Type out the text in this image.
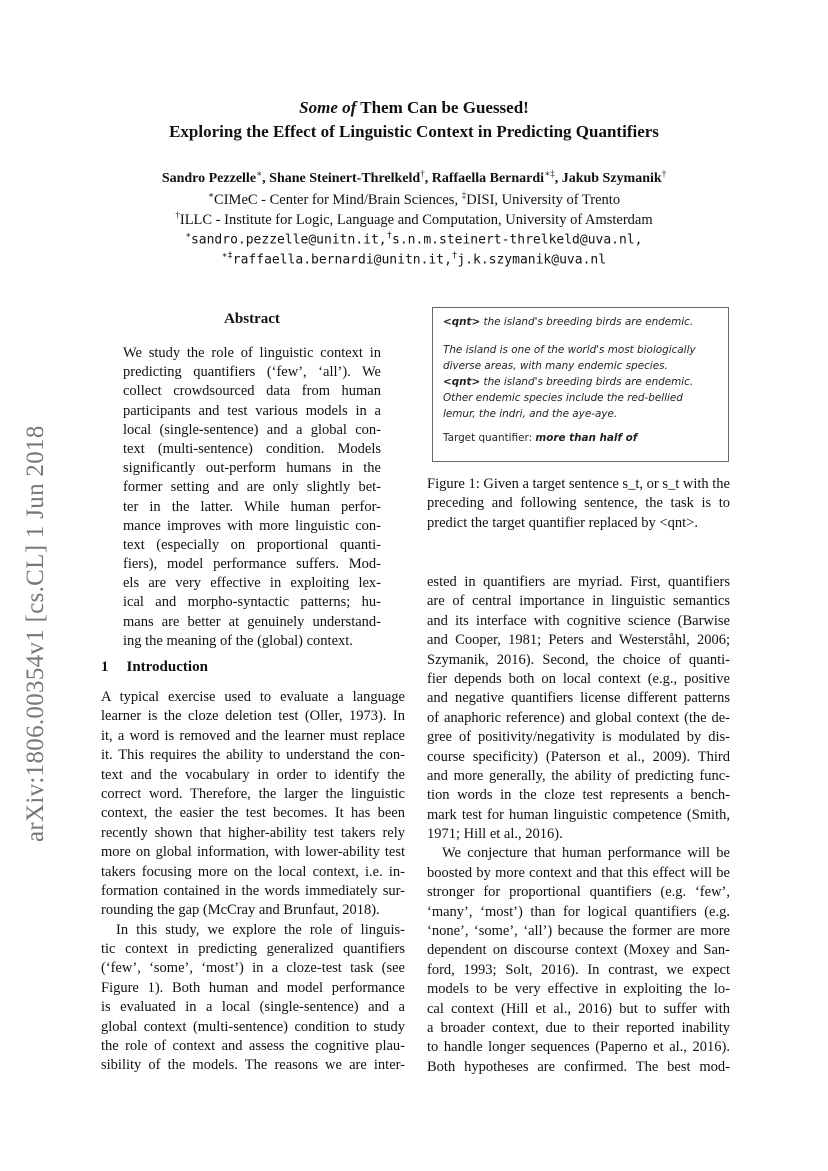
Some of Them Can be Guessed!
Exploring the Effect of Linguistic Context in Predicting Quantifiers
Sandro Pezzelle∗, Shane Steinert-Threlkeld†, Raffaella Bernardi∗‡, Jakub Szymanik†
∗CIMeC - Center for Mind/Brain Sciences, ‡DISI, University of Trento
†ILLC - Institute for Logic, Language and Computation, University of Amsterdam
∗sandro.pezzelle@unitn.it,†s.n.m.steinert-threlkeld@uva.nl,
∗‡raffaella.bernardi@unitn.it,†j.k.szymanik@uva.nl
arXiv:1806.00354v1 [cs.CL] 1 Jun 2018
Abstract
We study the role of linguistic context in
predicting quantifiers (‘few’, ‘all’). We
collect crowdsourced data from human
participants and test various models in a
local (single-sentence) and a global con-
text (multi-sentence) condition. Models
significantly out-perform humans in the
former setting and are only slightly bet-
ter in the latter. While human perfor-
mance improves with more linguistic con-
text (especially on proportional quanti-
fiers), model performance suffers. Mod-
els are very effective in exploiting lex-
ical and morpho-syntactic patterns; hu-
mans are better at genuinely understand-
ing the meaning of the (global) context.
1 Introduction
A typical exercise used to evaluate a language
learner is the cloze deletion test (Oller, 1973). In
it, a word is removed and the learner must replace
it. This requires the ability to understand the con-
text and the vocabulary in order to identify the
correct word. Therefore, the larger the linguistic
context, the easier the test becomes. It has been
recently shown that higher-ability test takers rely
more on global information, with lower-ability test
takers focusing more on the local context, i.e. in-
formation contained in the words immediately sur-
rounding the gap (McCray and Brunfaut, 2018).
In this study, we explore the role of linguis-
tic context in predicting generalized quantifiers
(‘few’, ‘some’, ‘most’) in a cloze-test task (see
Figure 1). Both human and model performance
is evaluated in a local (single-sentence) and a
global context (multi-sentence) condition to study
the role of context and assess the cognitive plau-
sibility of the models. The reasons we are inter-
<qnt> the island's breeding birds are endemic.
The island is one of the world's most biologically
diverse areas, with many endemic species.
<qnt> the island's breeding birds are endemic.
Other endemic species include the red-bellied
lemur, the indri, and the aye-aye.
Target quantifier: more than half of
Figure 1: Given a target sentence s_t, or s_t with the
preceding and following sentence, the task is to
predict the target quantifier replaced by <qnt>.
ested in quantifiers are myriad. First, quantifiers
are of central importance in linguistic semantics
and its interface with cognitive science (Barwise
and Cooper, 1981; Peters and Westerståhl, 2006;
Szymanik, 2016). Second, the choice of quanti-
fier depends both on local context (e.g., positive
and negative quantifiers license different patterns
of anaphoric reference) and global context (the de-
gree of positivity/negativity is modulated by dis-
course specificity) (Paterson et al., 2009). Third
and more generally, the ability of predicting func-
tion words in the cloze test represents a bench-
mark test for human linguistic competence (Smith,
1971; Hill et al., 2016).
We conjecture that human performance will be
boosted by more context and that this effect will be
stronger for proportional quantifiers (e.g. ‘few’,
‘many’, ‘most’) than for logical quantifiers (e.g.
‘none’, ‘some’, ‘all’) because the former are more
dependent on discourse context (Moxey and San-
ford, 1993; Solt, 2016). In contrast, we expect
models to be very effective in exploiting the lo-
cal context (Hill et al., 2016) but to suffer with
a broader context, due to their reported inability
to handle longer sequences (Paperno et al., 2016).
Both hypotheses are confirmed. The best mod-
